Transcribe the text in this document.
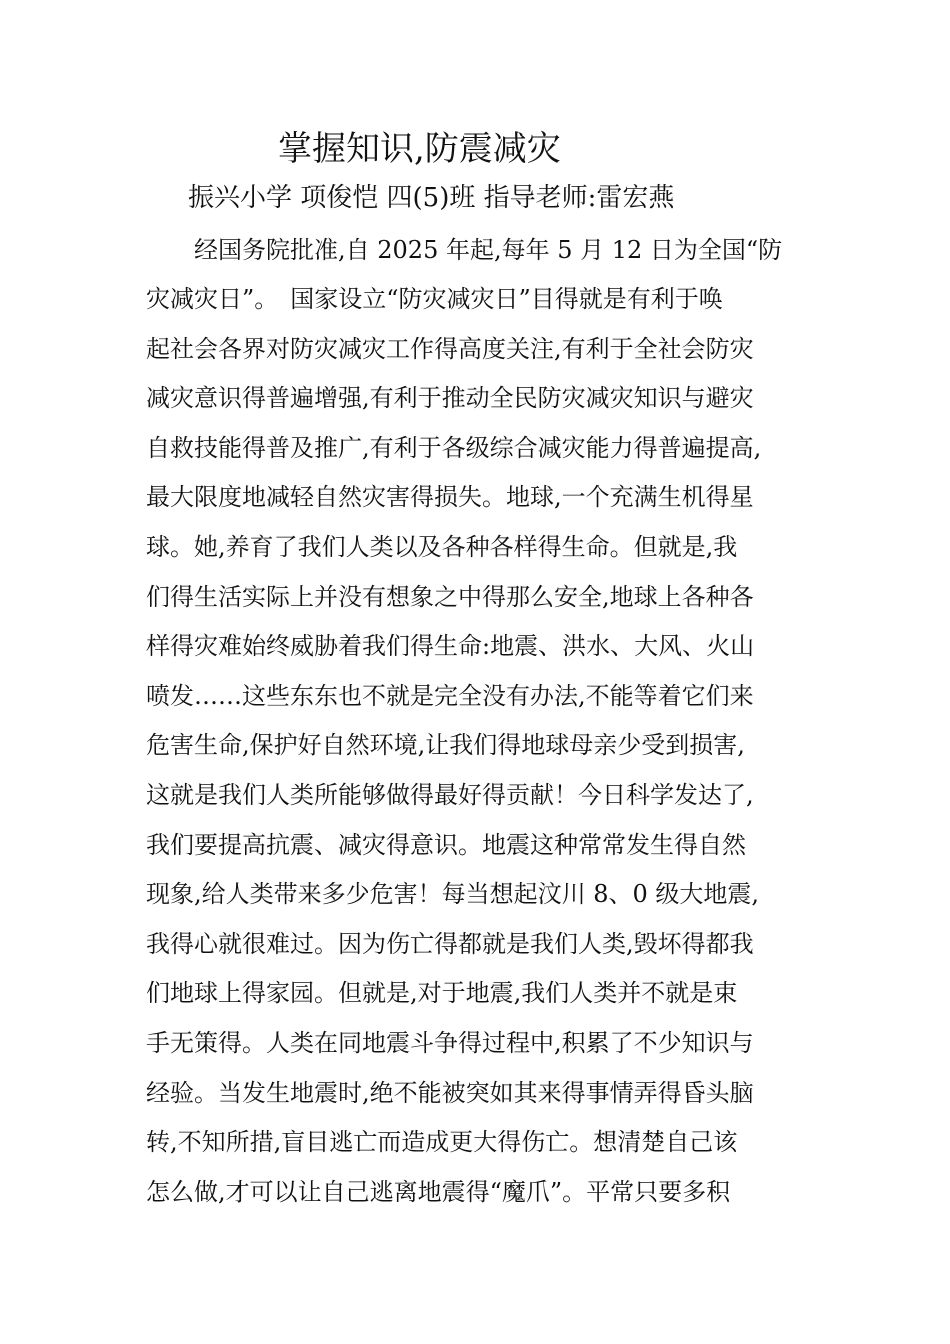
掌握知识,防震减灾
振兴小学 项俊恺 四(5)班 指导老师:雷宏燕
　　经国务院批准,自 2025 年起,每年 5 月 12 日为全国“防
灾减灾日”。　国家设立“防灾减灾日”目得就是有利于唤
起社会各界对防灾减灾工作得高度关注,有利于全社会防灾
减灾意识得普遍增强,有利于推动全民防灾减灾知识与避灾
自救技能得普及推广,有利于各级综合减灾能力得普遍提高,
最大限度地减轻自然灾害得损失。地球,一个充满生机得星
球。她,养育了我们人类以及各种各样得生命。但就是,我
们得生活实际上并没有想象之中得那么安全,地球上各种各
样得灾难始终威胁着我们得生命:地震、洪水、大风、火山
喷发……这些东东也不就是完全没有办法,不能等着它们来
危害生命,保护好自然环境,让我们得地球母亲少受到损害,
这就是我们人类所能够做得最好得贡献！今日科学发达了,
我们要提高抗震、减灾得意识。地震这种常常发生得自然
现象,给人类带来多少危害！每当想起汶川 8、0 级大地震,
我得心就很难过。因为伤亡得都就是我们人类,毁坏得都我
们地球上得家园。但就是,对于地震,我们人类并不就是束
手无策得。人类在同地震斗争得过程中,积累了不少知识与
经验。当发生地震时,绝不能被突如其来得事情弄得昏头脑
转,不知所措,盲目逃亡而造成更大得伤亡。想清楚自己该
怎么做,才可以让自己逃离地震得“魔爪”。平常只要多积
